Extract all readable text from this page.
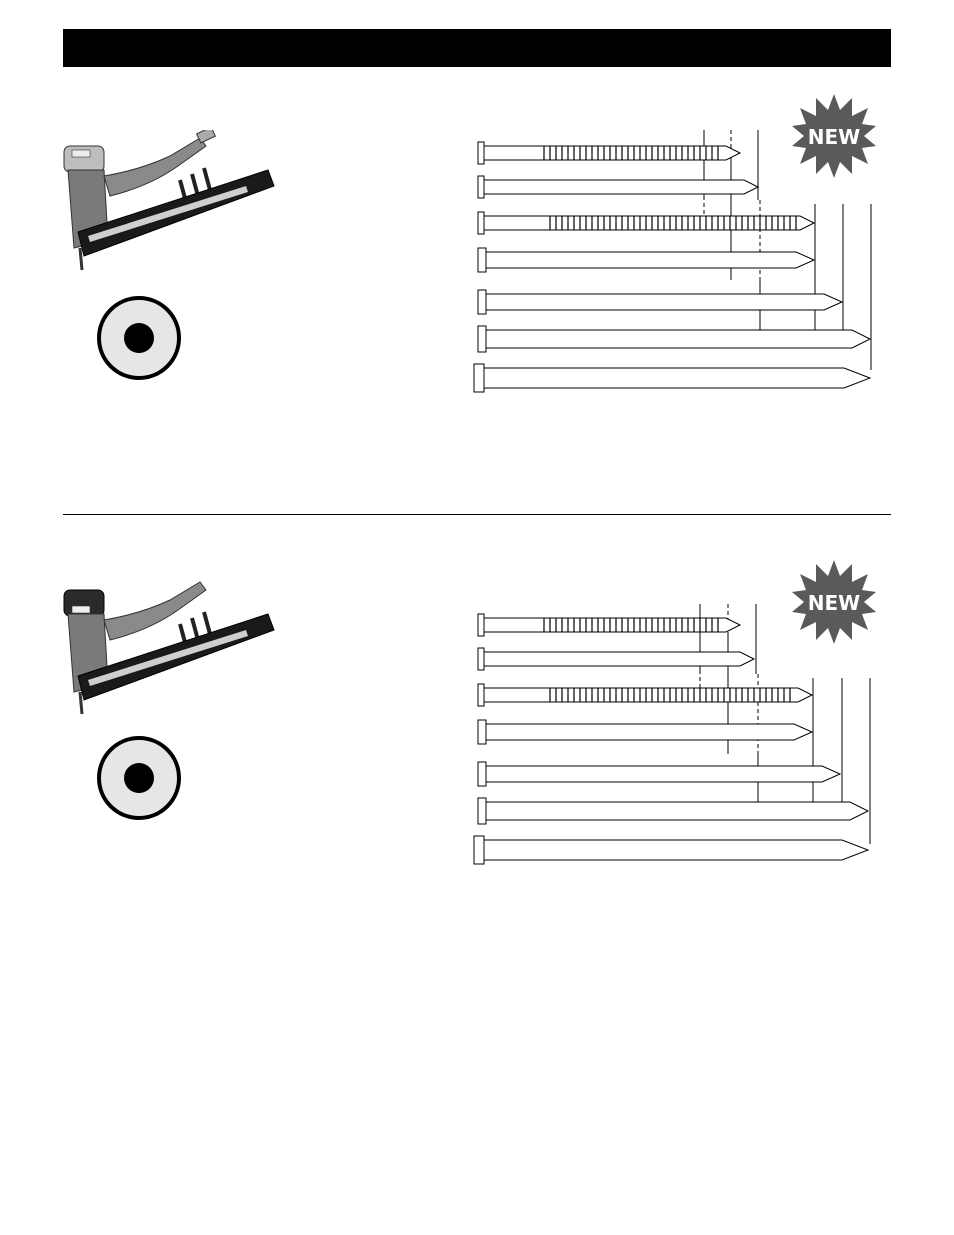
NEW
NEW
